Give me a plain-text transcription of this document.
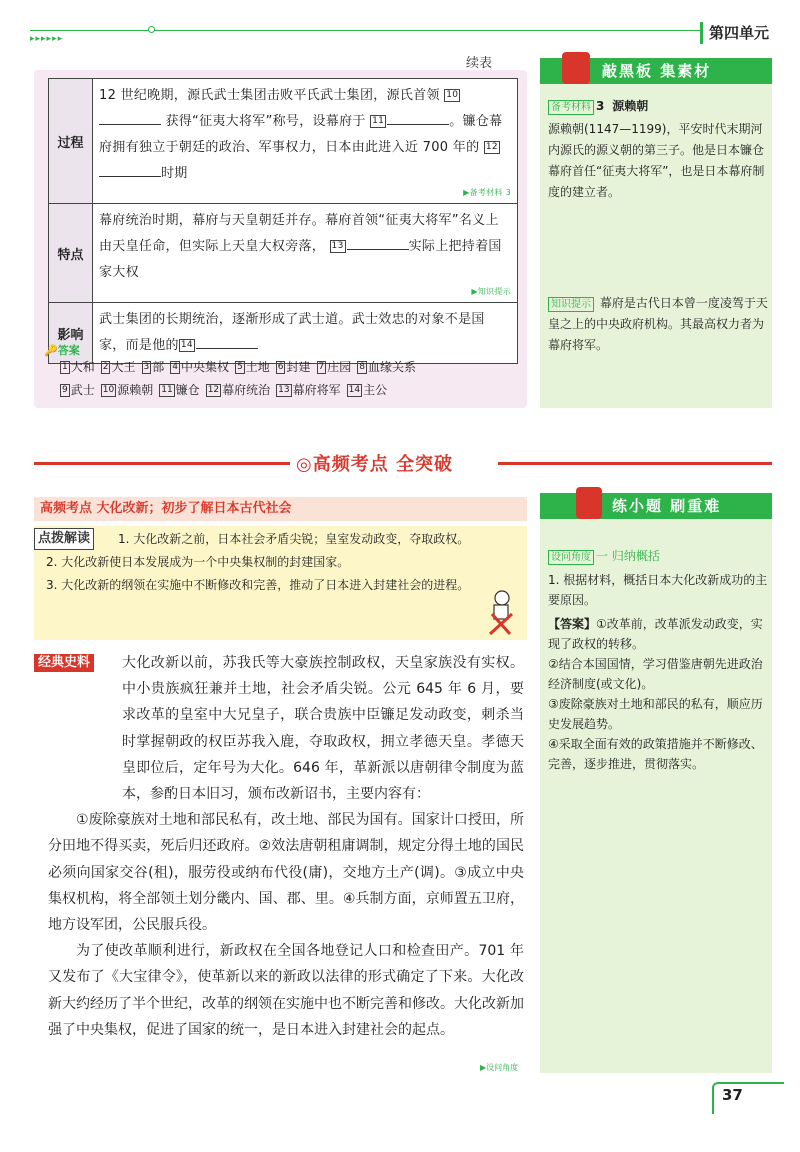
▸▸▸▸▸▸	第四单元
续表
过程	12 世纪晚期，源氏武士集团击败平氏武士集团，源氏首领 10 获得“征夷大将军”称号，设幕府于 11 。镰仓幕府拥有独立于朝廷的政治、军事权力，日本由此进入近 700 年的 12时期
▶备考材料 3

特点	幕府统治时期，幕府与天皇朝廷并存。幕府首领“征夷大将军”名义上由天皇任命，但实际上天皇大权旁落， 13 实际上把持着国家大权
▶知识提示

影响	武士集团的长期统治，逐渐形成了武士道。武士效忠的对象不是国家，而是他的 14
🔑答案
1 大和 2 大王 3 部 4 中央集权 5 土地 6 封建 7 庄园 8 血缘关系
9 武士 10 源赖朝 11 镰仓 12 幕府统治 13 幕府将军 14 主公
敲黑板 集素材
备考材料 3 源赖朝
源赖朝(1147—1199)，平安时代末期河内源氏的源义朝的第三子。他是日本镰仓幕府首任“征夷大将军”，也是日本幕府制度的建立者。
知识提示 幕府是古代日本曾一度凌驾于天皇之上的中央政府机构。其最高权力者为幕府将军。
◎高频考点 全突破
高频考点 大化改新；初步了解日本古代社会
点拨解读	1. 大化改新之前，日本社会矛盾尖锐；皇室发动政变，夺取政权。
2. 大化改新使日本发展成为一个中央集权制的封建国家。
3. 大化改新的纲领在实施中不断修改和完善，推动了日本进入封建社会的进程。
经典史料	大化改新以前，苏我氏等大豪族控制政权，天皇家族没有实权。中小贵族疯狂兼并土地，社会矛盾尖锐。公元 645 年 6 月，要求改革的皇室中大兄皇子，联合贵族中臣镰足发动政变，刺杀当时掌握朝政的权臣苏我入鹿，夺取政权，拥立孝德天皇。孝德天皇即位后，定年号为大化。646 年，革新派以唐朝律令制度为蓝本，参酌日本旧习，颁布改新诏书，主要内容有：

①废除豪族对土地和部民私有，改土地、部民为国有。国家计口授田，所分田地不得买卖，死后归还政府。②效法唐朝租庸调制，规定分得土地的国民必须向国家交谷(租)，服劳役或纳布代役(庸)，交地方土产(调)。③成立中央集权机构，将全部领土划分畿内、国、郡、里。④兵制方面，京师置五卫府，地方设军团，公民服兵役。

为了使改革顺利进行，新政权在全国各地登记人口和检查田产。701 年又发布了《大宝律令》，使革新以来的新政以法律的形式确定了下来。大化改新大约经历了半个世纪，改革的纲领在实施中也不断完善和修改。大化改新加强了中央集权，促进了国家的统一，是日本进入封建社会的起点。

▶设问角度
练小题 刷重难
设问角度 一 归纳概括
1. 根据材料，概括日本大化改新成功的主要原因。
【答案】①改革前，改革派发动政变，实现了政权的转移。
②结合本国国情，学习借鉴唐朝先进政治经济制度(或文化)。
③废除豪族对土地和部民的私有，顺应历史发展趋势。
④采取全面有效的政策措施并不断修改、完善，逐步推进，贯彻落实。
37
